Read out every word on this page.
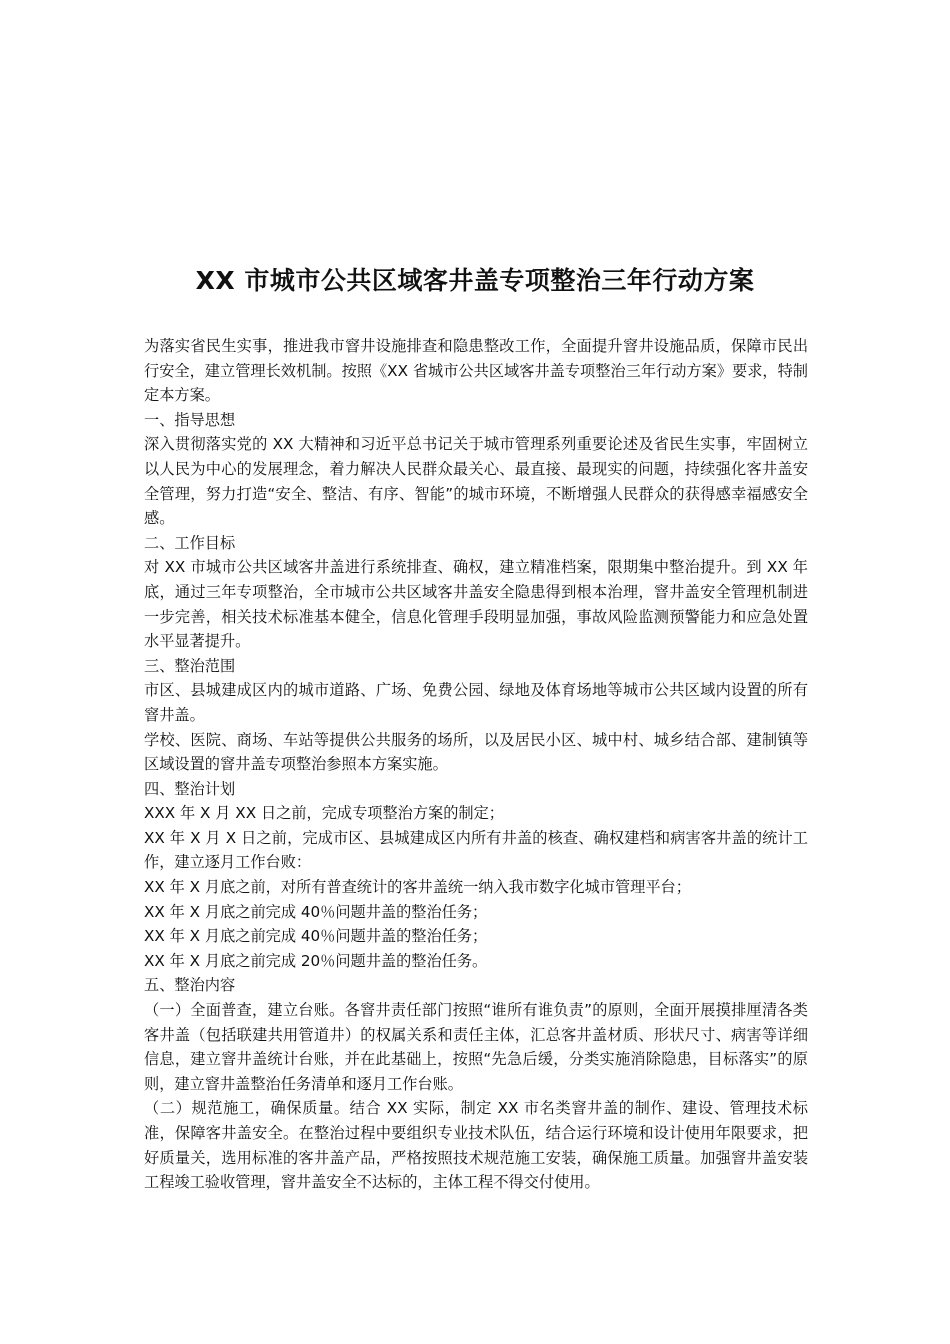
XX 市城市公共区域客井盖专项整治三年行动方案

为落实省民生实事，推进我市窨井设施排查和隐患整改工作，全面提升窨井设施品质，保障市民出行安全，建立管理长效机制。按照《XX 省城市公共区域客井盖专项整治三年行动方案》要求，特制定本方案。

一、指导思想

深入贯彻落实党的 XX 大精神和习近平总书记关于城市管理系列重要论述及省民生实事，牢固树立以人民为中心的发展理念，着力解决人民群众最关心、最直接、最现实的问题，持续强化客井盖安全管理，努力打造“安全、整洁、有序、智能”的城市环境，不断增强人民群众的获得感幸福感安全感。

二、工作目标

对 XX 市城市公共区域客井盖进行系统排查、确权，建立精准档案，限期集中整治提升。到 XX 年底，通过三年专项整治，全市城市公共区域客井盖安全隐患得到根本治理，窨井盖安全管理机制进一步完善，相关技术标准基本健全，信息化管理手段明显加强，事故风险监测预警能力和应急处置水平显著提升。

三、整治范围

市区、县城建成区内的城市道路、广场、免费公园、绿地及体育场地等城市公共区域内设置的所有窨井盖。

学校、医院、商场、车站等提供公共服务的场所，以及居民小区、城中村、城乡结合部、建制镇等区域设置的窨井盖专项整治参照本方案实施。

四、整治计划

XXX 年 X 月 XX 日之前，完成专项整治方案的制定；

XX 年 X 月 X 日之前，完成市区、县城建成区内所有井盖的核查、确权建档和病害客井盖的统计工作，建立逐月工作台败：

XX 年 X 月底之前，对所有普查统计的客井盖统一纳入我市数字化城市管理平台；

XX 年 X 月底之前完成 40％问题井盖的整治任务；

XX 年 X 月底之前完成 40％问题井盖的整治任务；

XX 年 X 月底之前完成 20％问题井盖的整治任务。

五、整治内容

（一）全面普查，建立台账。各窨井责任部门按照“谁所有谁负责”的原则，全面开展摸排厘清各类客井盖（包括联建共用管道井）的权属关系和责任主体，汇总客井盖材质、形状尺寸、病害等详细信息，建立窨井盖统计台账，并在此基础上，按照“先急后缓，分类实施消除隐患，目标落实”的原则，建立窨井盖整治任务清单和逐月工作台账。

（二）规范施工，确保质量。结合 XX 实际，制定 XX 市名类窨井盖的制作、建设、管理技术标准，保障客井盖安全。在整治过程中要组织专业技术队伍，结合运行环境和设计使用年限要求，把好质量关，选用标准的客井盖产品，严格按照技术规范施工安装，确保施工质量。加强窨井盖安装工程竣工验收管理，窨井盖安全不达标的，主体工程不得交付使用。
